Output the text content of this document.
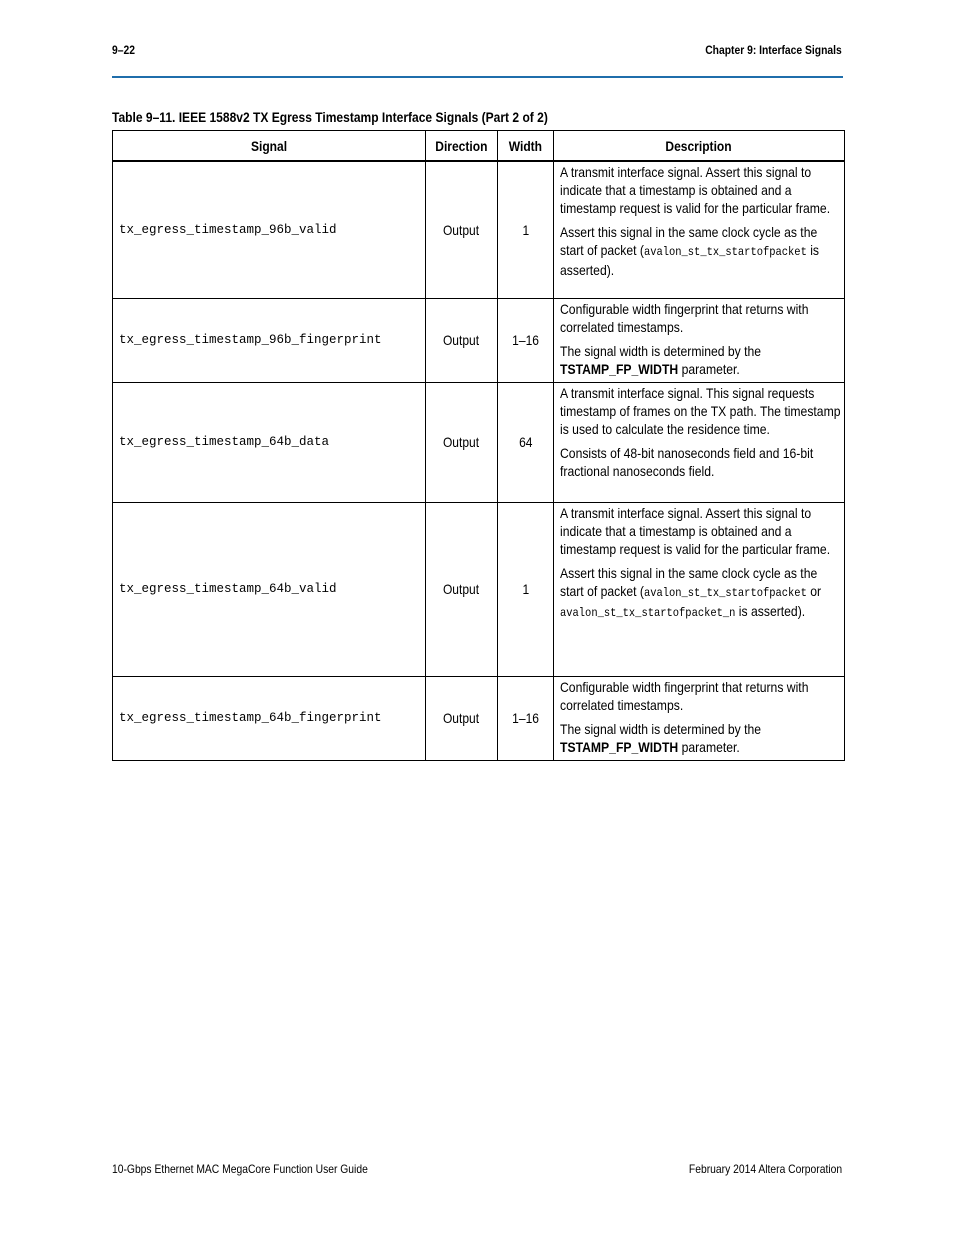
9–22	Chapter 9: Interface Signals
Table 9–11. IEEE 1588v2 TX Egress Timestamp Interface Signals (Part 2 of 2)
Signal	Direction	Width	Description
tx_egress_timestamp_96b_valid	Output	1	A transmit interface signal. Assert this signal to indicate that a timestamp is obtained and a timestamp request is valid for the particular frame.
Assert this signal in the same clock cycle as the start of packet (avalon_st_tx_startofpacket is asserted).

tx_egress_timestamp_96b_fingerprint	Output	1–16	Configurable width fingerprint that returns with correlated timestamps.
The signal width is determined by the TSTAMP_FP_WIDTH parameter.

tx_egress_timestamp_64b_data	Output	64	A transmit interface signal. This signal requests timestamp of frames on the TX path. The timestamp is used to calculate the residence time.
Consists of 48-bit nanoseconds field and 16-bit fractional nanoseconds field.

tx_egress_timestamp_64b_valid	Output	1	A transmit interface signal. Assert this signal to indicate that a timestamp is obtained and a timestamp request is valid for the particular frame.
Assert this signal in the same clock cycle as the start of packet (avalon_st_tx_startofpacket or avalon_st_tx_startofpacket_n is asserted).

tx_egress_timestamp_64b_fingerprint	Output	1–16	Configurable width fingerprint that returns with correlated timestamps.
The signal width is determined by the TSTAMP_FP_WIDTH parameter.
10-Gbps Ethernet MAC MegaCore Function User Guide	February 2014 Altera Corporation
